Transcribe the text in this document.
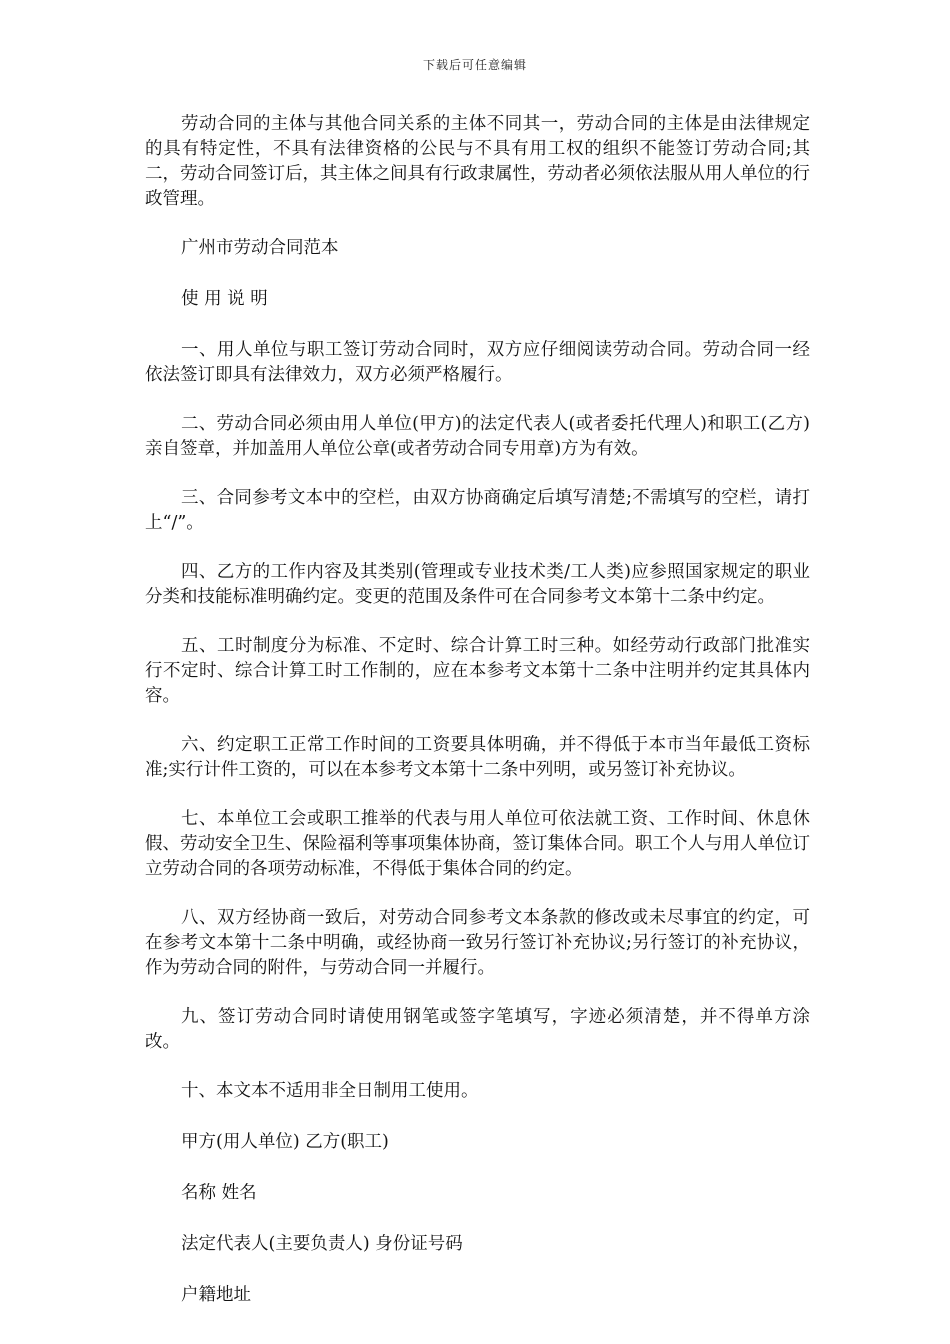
下载后可任意编辑

劳动合同的主体与其他合同关系的主体不同其一，劳动合同的主体是由法律规定的具有特定性，不具有法律资格的公民与不具有用工权的组织不能签订劳动合同;其二，劳动合同签订后，其主体之间具有行政隶属性，劳动者必须依法服从用人单位的行政管理。

广州市劳动合同范本

使 用 说 明

一、用人单位与职工签订劳动合同时，双方应仔细阅读劳动合同。劳动合同一经依法签订即具有法律效力，双方必须严格履行。

二、劳动合同必须由用人单位(甲方)的法定代表人(或者委托代理人)和职工(乙方)亲自签章，并加盖用人单位公章(或者劳动合同专用章)方为有效。

三、合同参考文本中的空栏，由双方协商确定后填写清楚;不需填写的空栏，请打上“/”。

四、乙方的工作内容及其类别(管理或专业技术类/工人类)应参照国家规定的职业分类和技能标准明确约定。变更的范围及条件可在合同参考文本第十二条中约定。

五、工时制度分为标准、不定时、综合计算工时三种。如经劳动行政部门批准实行不定时、综合计算工时工作制的，应在本参考文本第十二条中注明并约定其具体内容。

六、约定职工正常工作时间的工资要具体明确，并不得低于本市当年最低工资标准;实行计件工资的，可以在本参考文本第十二条中列明，或另签订补充协议。

七、本单位工会或职工推举的代表与用人单位可依法就工资、工作时间、休息休假、劳动安全卫生、保险福利等事项集体协商，签订集体合同。职工个人与用人单位订立劳动合同的各项劳动标准，不得低于集体合同的约定。

八、双方经协商一致后，对劳动合同参考文本条款的修改或未尽事宜的约定，可在参考文本第十二条中明确，或经协商一致另行签订补充协议;另行签订的补充协议，作为劳动合同的附件，与劳动合同一并履行。

九、签订劳动合同时请使用钢笔或签字笔填写，字迹必须清楚，并不得单方涂改。

十、本文本不适用非全日制用工使用。

甲方(用人单位) 乙方(职工)

名称 姓名

法定代表人(主要负责人) 身份证号码

户籍地址
